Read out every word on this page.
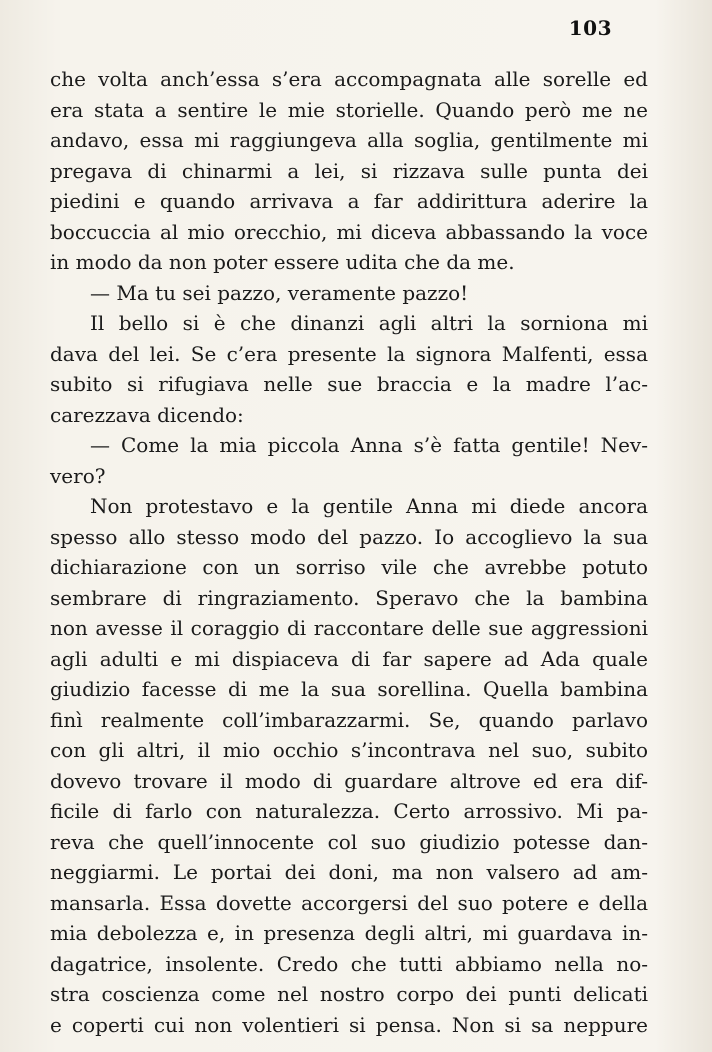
103
che volta anch’essa s’era accompagnata alle sorelle ed
era stata a sentire le mie storielle. Quando però me ne
andavo, essa mi raggiungeva alla soglia, gentilmente mi
pregava di chinarmi a lei, si rizzava sulle punta dei
piedini e quando arrivava a far addirittura aderire la
boccuccia al mio orecchio, mi diceva abbassando la voce
in modo da non poter essere udita che da me.
— Ma tu sei pazzo, veramente pazzo!
Il bello si è che dinanzi agli altri la sorniona mi
dava del lei. Se c’era presente la signora Malfenti, essa
subito si rifugiava nelle sue braccia e la madre l’ac-
carezzava dicendo:
— Come la mia piccola Anna s’è fatta gentile! Nev-
vero?
Non protestavo e la gentile Anna mi diede ancora
spesso allo stesso modo del pazzo. Io accoglievo la sua
dichiarazione con un sorriso vile che avrebbe potuto
sembrare di ringraziamento. Speravo che la bambina
non avesse il coraggio di raccontare delle sue aggressioni
agli adulti e mi dispiaceva di far sapere ad Ada quale
giudizio facesse di me la sua sorellina. Quella bambina
finì realmente coll’imbarazzarmi. Se, quando parlavo
con gli altri, il mio occhio s’incontrava nel suo, subito
dovevo trovare il modo di guardare altrove ed era dif-
ficile di farlo con naturalezza. Certo arrossivo. Mi pa-
reva che quell’innocente col suo giudizio potesse dan-
neggiarmi. Le portai dei doni, ma non valsero ad am-
mansarla. Essa dovette accorgersi del suo potere e della
mia debolezza e, in presenza degli altri, mi guardava in-
dagatrice, insolente. Credo che tutti abbiamo nella no-
stra coscienza come nel nostro corpo dei punti delicati
e coperti cui non volentieri si pensa. Non si sa neppure
